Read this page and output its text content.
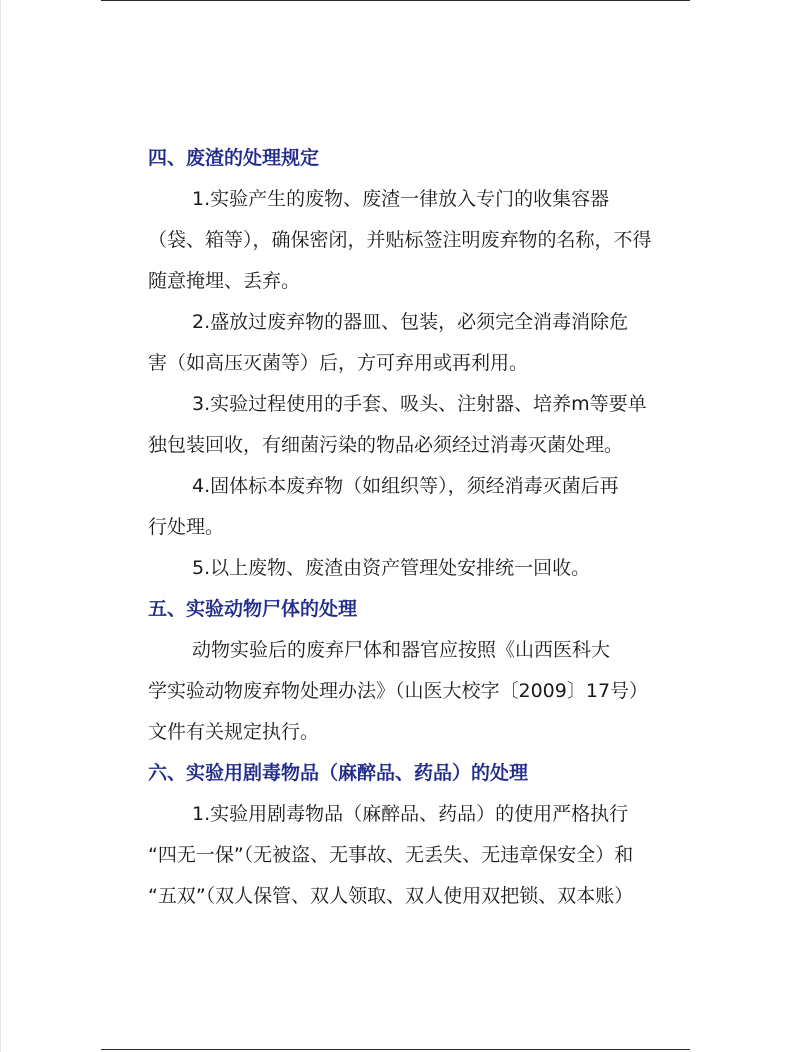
四、废渣的处理规定
1.实验产生的废物、废渣一律放入专门的收集容器
（袋、箱等），确保密闭，并贴标签注明废弃物的名称，不得
随意掩埋、丢弃。
2.盛放过废弃物的器皿、包装，必须完全消毒消除危
害（如高压灭菌等）后，方可弃用或再利用。
3.实验过程使用的手套、吸头、注射器、培养m等要单
独包装回收，有细菌污染的物品必须经过消毒灭菌处理。
4.固体标本废弃物（如组织等），须经消毒灭菌后再
行处理。
5.以上废物、废渣由资产管理处安排统一回收。
五、实验动物尸体的处理
动物实验后的废弃尸体和器官应按照《山西医科大
学实验动物废弃物处理办法》（山医大校字〔2009〕17号）
文件有关规定执行。
六、实验用剧毒物品（麻醉品、药品）的处理
1.实验用剧毒物品（麻醉品、药品）的使用严格执行
“四无一保”（无被盗、无事故、无丢失、无违章保安全）和
“五双”（双人保管、双人领取、双人使用双把锁、双本账）
